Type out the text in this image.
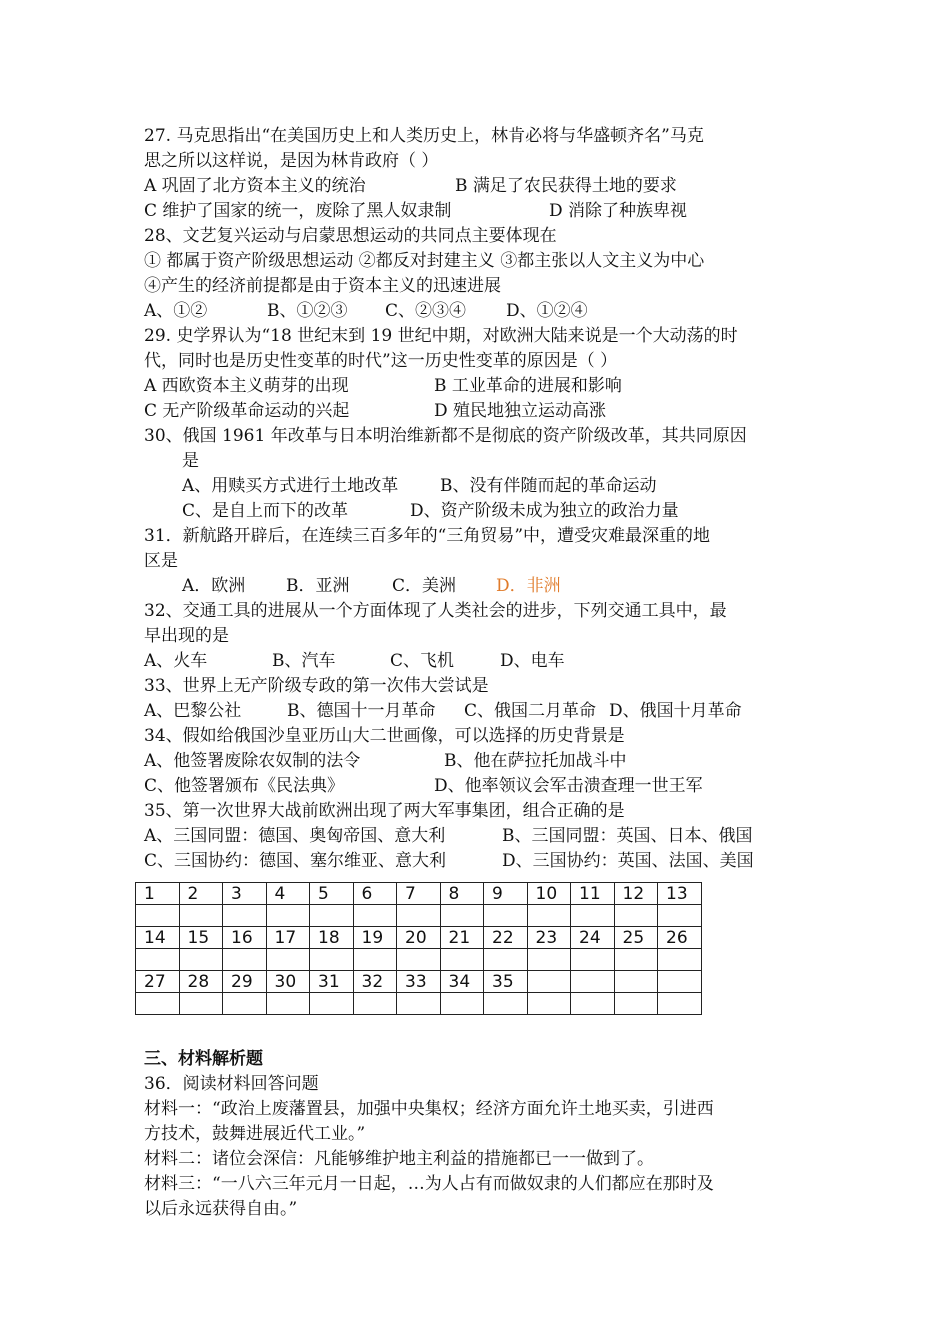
27. 马克思指出“在美国历史上和人类历史上，林肯必将与华盛顿齐名”马克
思之所以这样说，是因为林肯政府（ ）
A 巩固了北方资本主义的统治	B 满足了农民获得土地的要求
C 维护了国家的统一，废除了黑人奴隶制	D 消除了种族卑视
28、文艺复兴运动与启蒙思想运动的共同点主要体现在
① 都属于资产阶级思想运动 ②都反对封建主义 ③都主张以人文主义为中心
④产生的经济前提都是由于资本主义的迅速进展
A、①②	B、①②③ C、②③④ D、①②④
29. 史学界认为“18 世纪末到 19 世纪中期，对欧洲大陆来说是一个大动荡的时
代，同时也是历史性变革的时代”这一历史性变革的原因是（ ）
A 西欧资本主义萌芽的出现	B 工业革命的进展和影响
C 无产阶级革命运动的兴起	D 殖民地独立运动高涨
30、俄国 1961 年改革与日本明治维新都不是彻底的资产阶级改革，其共同原因
是
A、用赎买方式进行土地改革 B、没有伴随而起的革命运动
C、是自上而下的改革	D、资产阶级未成为独立的政治力量
31．新航路开辟后，在连续三百多年的“三角贸易”中，遭受灾难最深重的地
区是
A．欧洲 B．亚洲	C．美洲 D．非洲
32、交通工具的进展从一个方面体现了人类社会的进步，下列交通工具中，最
早出现的是
A、火车	B、汽车	C、飞机	D、电车
33、世界上无产阶级专政的第一次伟大尝试是
A、巴黎公社	B、德国十一月革命 C、俄国二月革命 D、俄国十月革命
34、假如给俄国沙皇亚历山大二世画像，可以选择的历史背景是
A、他签署废除农奴制的法令	B、他在萨拉托加战斗中
C、他签署颁布《民法典》	D、他率领议会军击溃查理一世王军
35、第一次世界大战前欧洲出现了两大军事集团，组合正确的是
A、三国同盟：德国、奥匈帝国、意大利	B、三国同盟：英国、日本、俄国
C、三国协约：德国、塞尔维亚、意大利	D、三国协约：英国、法国、美国
1	2	3	4	5	6	7	8	9	10	11	12	13

14	15	16	17	18	19	20	21	22	23	24	25	26

27	28	29	30	31	32	33	34	35				

三、材料解析题
36．阅读材料回答问题
材料一：“政治上废藩置县，加强中央集权；经济方面允许土地买卖，引进西
方技术，鼓舞进展近代工业。”
材料二：诸位会深信：凡能够维护地主利益的措施都已一一做到了。
材料三：“一八六三年元月一日起，…为人占有而做奴隶的人们都应在那时及
以后永远获得自由。”
